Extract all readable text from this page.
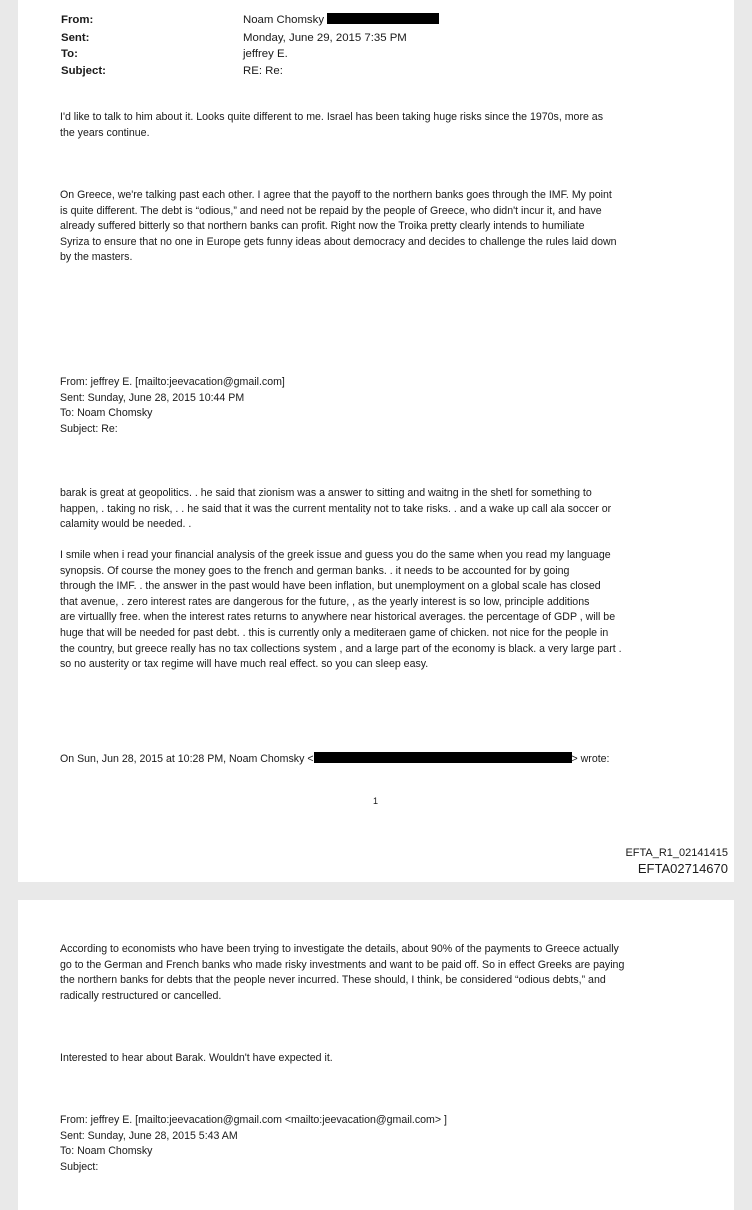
From:	Noam Chomsky
Sent:	Monday, June 29, 2015 7:35 PM
To:	jeffrey E.
Subject:	RE: Re:

I'd like to talk to him about it. Looks quite different to me. Israel has been taking huge risks since the 1970s, more as
the years continue.

On Greece, we're talking past each other. I agree that the payoff to the northern banks goes through the IMF. My point
is quite different. The debt is “odious,” and need not be repaid by the people of Greece, who didn't incur it, and have
already suffered bitterly so that northern banks can profit. Right now the Troika pretty clearly intends to humiliate
Syriza to ensure that no one in Europe gets funny ideas about democracy and decides to challenge the rules laid down
by the masters.

From: jeffrey E. [mailto:jeevacation@gmail.com]
Sent: Sunday, June 28, 2015 10:44 PM
To: Noam Chomsky
Subject: Re:

barak is great at geopolitics. . he said that zionism was a answer to sitting and waitng in the shetl for something to
happen, . taking no risk, . . he said that it was the current mentality not to take risks. . and a wake up call ala soccer or
calamity would be needed. .

I smile when i read your financial analysis of the greek issue and guess you do the same when you read my language
synopsis. Of course the money goes to the french and german banks. . it needs to be accounted for by going
through the IMF. . the answer in the past would have been inflation, but unemployment on a global scale has closed
that avenue, . zero interest rates are dangerous for the future, , as the yearly interest is so low, principle additions
are virtuallly free. when the interest rates returns to anywhere near historical averages. the percentage of GDP , will be
huge that will be needed for past debt. . this is currently only a mediteraen game of chicken. not nice for the people in
the country, but greece really has no tax collections system , and a large part of the economy is black. a very large part .
so no austerity or tax regime will have much real effect. so you can sleep easy.

On Sun, Jun 28, 2015 at 10:28 PM, Noam Chomsky <	> wrote:
1
EFTA_R1_02141415
EFTA02714670

According to economists who have been trying to investigate the details, about 90% of the payments to Greece actually
go to the German and French banks who made risky investments and want to be paid off. So in effect Greeks are paying
the northern banks for debts that the people never incurred. These should, I think, be considered “odious debts,” and
radically restructured or cancelled.

Interested to hear about Barak. Wouldn't have expected it.
From: jeffrey E. [mailto:jeevacation@gmail.com <mailto:jeevacation@gmail.com> ]
Sent: Sunday, June 28, 2015 5:43 AM
To: Noam Chomsky
Subject:
